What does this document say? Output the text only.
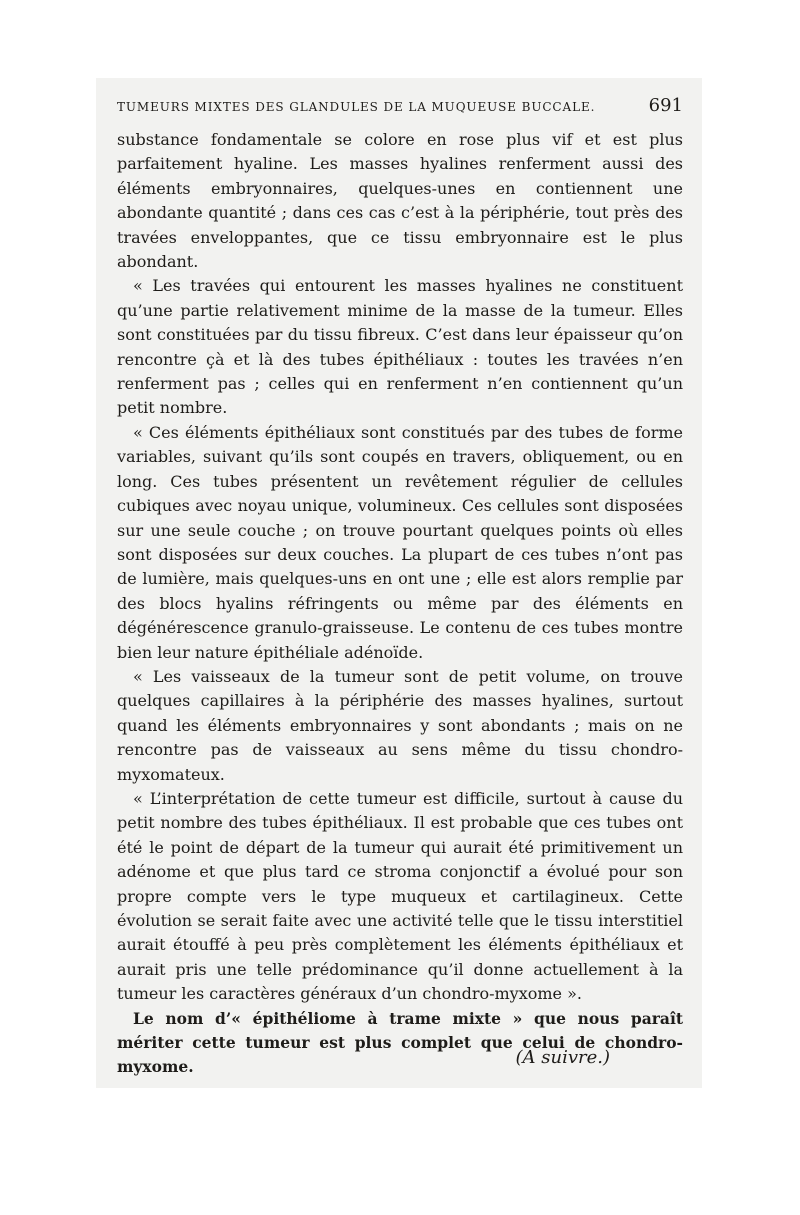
TUMEURS MIXTES DES GLANDULES DE LA MUQUEUSE BUCCALE.	691

substance fondamentale se colore en rose plus vif et est plus parfaitement hyaline. Les masses hyalines renferment aussi des éléments embryonnaires, quelques-unes en contiennent une abondante quantité ; dans ces cas c’est à la périphérie, tout près des travées enveloppantes, que ce tissu embryonnaire est le plus abondant.

« Les travées qui entourent les masses hyalines ne constituent qu’une partie relativement minime de la masse de la tumeur. Elles sont constituées par du tissu fibreux. C’est dans leur épaisseur qu’on rencontre çà et là des tubes épithéliaux : toutes les travées n’en renferment pas ; celles qui en renferment n’en contiennent qu’un petit nombre.

« Ces éléments épithéliaux sont constitués par des tubes de forme variables, suivant qu’ils sont coupés en travers, obliquement, ou en long. Ces tubes présentent un revêtement régulier de cellules cubiques avec noyau unique, volumineux. Ces cellules sont disposées sur une seule couche ; on trouve pourtant quelques points où elles sont disposées sur deux couches. La plupart de ces tubes n’ont pas de lumière, mais quelques-uns en ont une ; elle est alors remplie par des blocs hyalins réfringents ou même par des éléments en dégénérescence granulo-graisseuse. Le contenu de ces tubes montre bien leur nature épithéliale adénoïde.

« Les vaisseaux de la tumeur sont de petit volume, on trouve quelques capillaires à la périphérie des masses hyalines, surtout quand les éléments embryonnaires y sont abondants ; mais on ne rencontre pas de vaisseaux au sens même du tissu chondro-myxomateux.

« L’interprétation de cette tumeur est difficile, surtout à cause du petit nombre des tubes épithéliaux. Il est probable que ces tubes ont été le point de départ de la tumeur qui aurait été primitivement un adénome et que plus tard ce stroma conjonctif a évolué pour son propre compte vers le type muqueux et cartilagineux. Cette évolution se serait faite avec une activité telle que le tissu interstitiel aurait étouffé à peu près complètement les éléments épithéliaux et aurait pris une telle prédominance qu’il donne actuellement à la tumeur les caractères généraux d’un chondro-myxome ».

Le nom d’« épithéliome à trame mixte » que nous paraît mériter cette tumeur est plus complet que celui de chondro-myxome.	(A suivre.)
